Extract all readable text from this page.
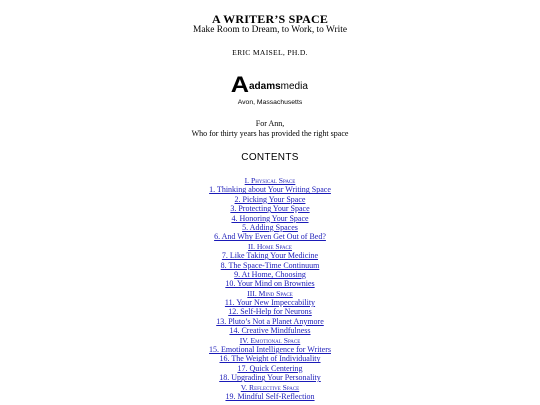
A WRITER’S SPACE
Make Room to Dream, to Work, to Write
ERIC MAISEL, PH.D.
A adams media
Avon, Massachusetts
For Ann,
Who for thirty years has provided the right space
CONTENTS
I. Physical Space
1. Thinking about Your Writing Space
2. Picking Your Space
3. Protecting Your Space
4. Honoring Your Space
5. Adding Spaces
6. And Why Even Get Out of Bed?
II. Home Space
7. Like Taking Your Medicine
8. The Space-Time Continuum
9. At Home, Choosing
10. Your Mind on Brownies
III. Mind Space
11. Your New Impeccability
12. Self-Help for Neurons
13. Pluto’s Not a Planet Anymore
14. Creative Mindfulness
IV. Emotional Space
15. Emotional Intelligence for Writers
16. The Weight of Individuality
17. Quick Centering
18. Upgrading Your Personality
V. Reflective Space
19. Mindful Self-Reflection
